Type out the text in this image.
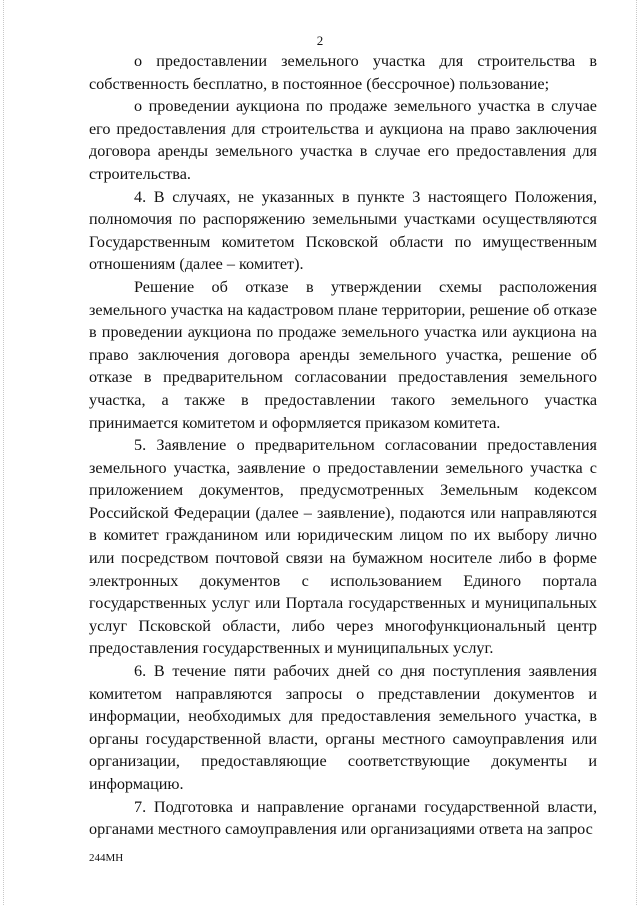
2

о предоставлении земельного участка для строительства в собственность бесплатно, в постоянное (бессрочное) пользование;

о проведении аукциона по продаже земельного участка в случае его предоставления для строительства и аукциона на право заключения договора аренды земельного участка в случае его предоставления для строительства.

4. В случаях, не указанных в пункте 3 настоящего Положения, полномочия по распоряжению земельными участками осуществляются Государственным комитетом Псковской области по имущественным отношениям (далее – комитет).

Решение об отказе в утверждении схемы расположения земельного участка на кадастровом плане территории, решение об отказе в проведении аукциона по продаже земельного участка или аукциона на право заключения договора аренды земельного участка, решение об отказе в предварительном согласовании предоставления земельного участка, а также в предоставлении такого земельного участка принимается комитетом и оформляется приказом комитета.

5. Заявление о предварительном согласовании предоставления земельного участка, заявление о предоставлении земельного участка с приложением документов, предусмотренных Земельным кодексом Российской Федерации (далее – заявление), подаются или направляются в комитет гражданином или юридическим лицом по их выбору лично или посредством почтовой связи на бумажном носителе либо в форме электронных документов с использованием Единого портала государственных услуг или Портала государственных и муниципальных услуг Псковской области, либо через многофункциональный центр предоставления государственных и муниципальных услуг.

6. В течение пяти рабочих дней со дня поступления заявления комитетом направляются запросы о представлении документов и информации, необходимых для предоставления земельного участка, в органы государственной власти, органы местного самоуправления или организации, предоставляющие соответствующие документы и информацию.

7. Подготовка и направление органами государственной власти, органами местного самоуправления или организациями ответа на запрос

244МН
